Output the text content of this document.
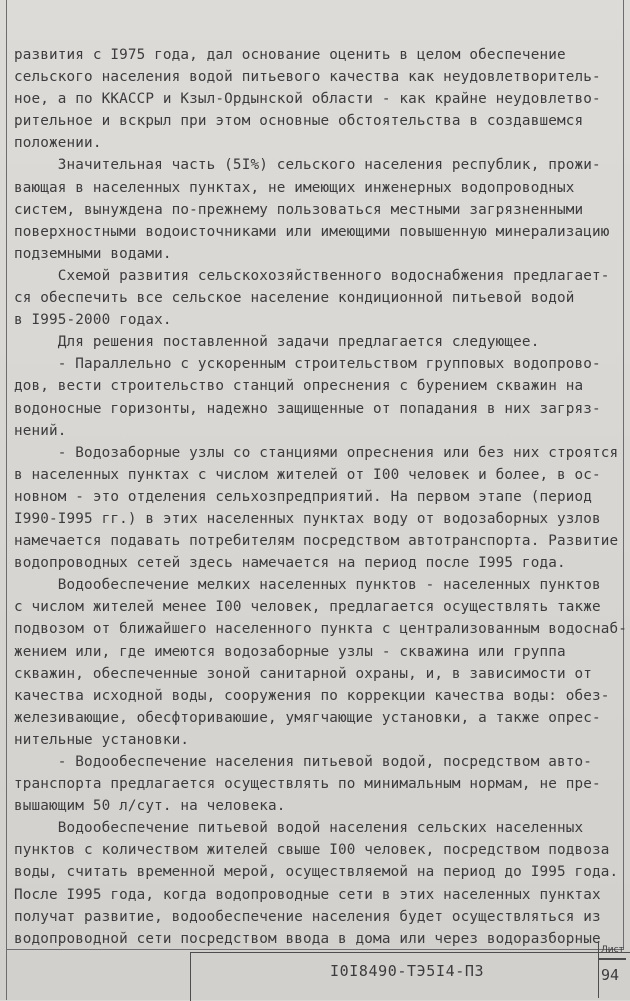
развития с I975 года, дал основание оценить в целом обеспечение
сельского населения водой питьевого качества как неудовлетворитель-
ное, а по ККАССР и Кзыл-Ордынской области - как крайне неудовлетво-
рительное и вскрыл при этом основные обстоятельства в создавшемся
положении.
Значительная часть (5I%) сельского населения республик, прожи-
вающая в населенных пунктах, не имеющих инженерных водопроводных
систем, вынуждена по-прежнему пользоваться местными загрязненными
поверхностными водоисточниками или имеющими повышенную минерализацию
подземными водами.
Схемой развития сельскохозяйственного водоснабжения предлагает-
ся обеспечить все сельское население кондиционной питьевой водой
в I995-2000 годах.
Для решения поставленной задачи предлагается следующее.
- Параллельно с ускоренным строительством групповых водопрово-
дов, вести строительство станций опреснения с бурением скважин на
водоносные горизонты, надежно защищенные от попадания в них загряз-
нений.
- Водозаборные узлы со станциями опреснения или без них строятся
в населенных пунктах с числом жителей от I00 человек и более, в ос-
новном - это отделения сельхозпредприятий. На первом этапе (период
I990-I995 гг.) в этих населенных пунктах воду от водозаборных узлов
намечается подавать потребителям посредством автотранспорта. Развитие
водопроводных сетей здесь намечается на период после I995 года.
Водообеспечение мелких населенных пунктов - населенных пунктов
с числом жителей менее I00 человек, предлагается осуществлять также
подвозом от ближайшего населенного пункта с централизованным водоснаб-
жением или, где имеются водозаборные узлы - скважина или группа
скважин, обеспеченные зоной санитарной охраны, и, в зависимости от
качества исходной воды, сооружения по коррекции качества воды: обез-
железивающие, обесфториваюшие, умягчающие установки, а также опрес-
нительные установки.
- Водообеспечение населения питьевой водой, посредством авто-
транспорта предлагается осуществлять по минимальным нормам, не пре-
вышающим 50 л/сут. на человека.
Водообеспечение питьевой водой населения сельских населенных
пунктов с количеством жителей свыше I00 человек, посредством подвоза
воды, считать временной мерой, осуществляемой на период до I995 года.
После I995 года, когда водопроводные сети в этих населенных пунктах
получат развитие, водообеспечение населения будет осуществляться из
водопроводной сети посредством ввода в дома или через водоразборные
I0I8490-ТЭ5I4-ПЗ
Лист
94
